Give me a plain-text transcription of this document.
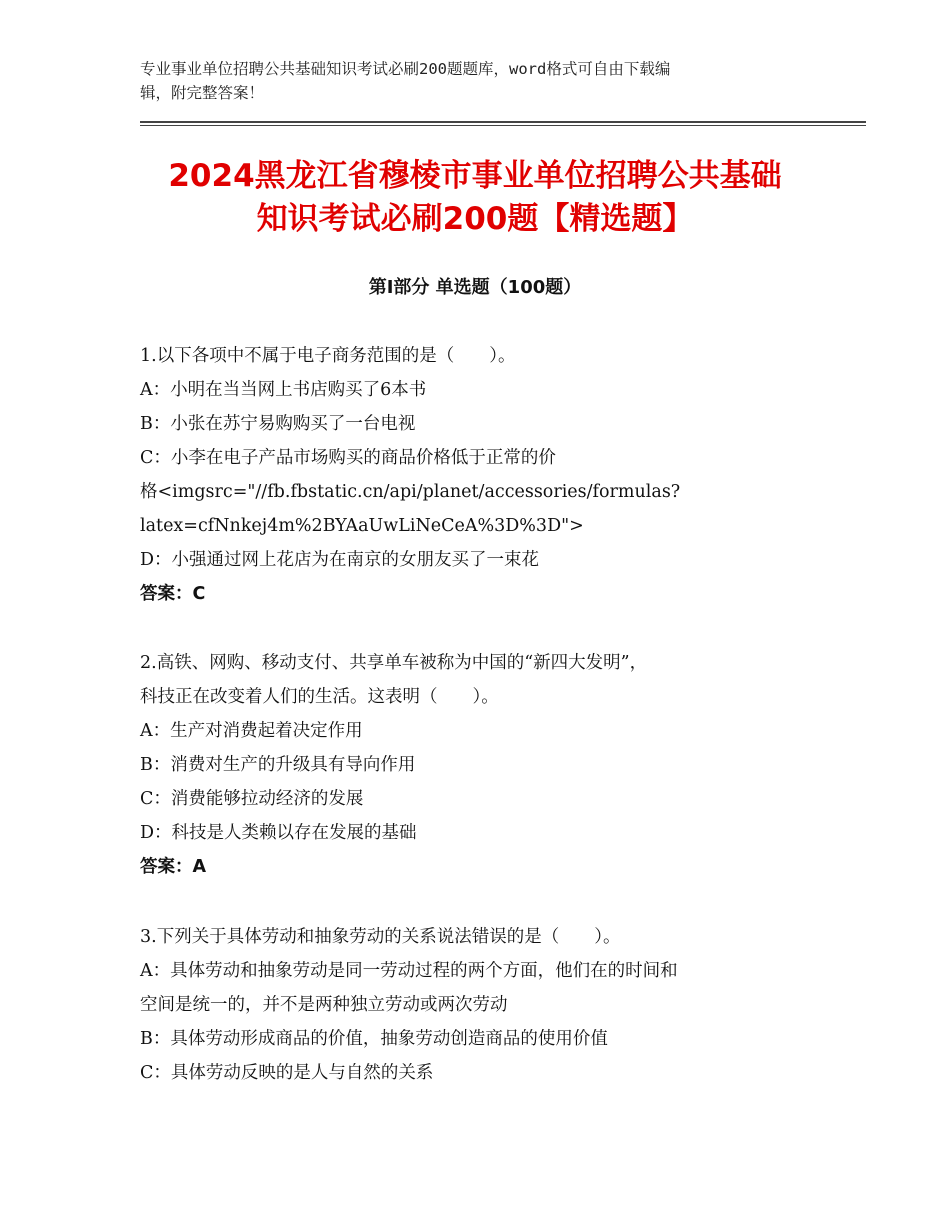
专业事业单位招聘公共基础知识考试必刷200题题库，word格式可自由下载编
辑，附完整答案！
2024黑龙江省穆棱市事业单位招聘公共基础
知识考试必刷200题【精选题】
第Ⅰ部分 单选题（100题）
1.以下各项中不属于电子商务范围的是（　　）。
A：小明在当当网上书店购买了6本书
B：小张在苏宁易购购买了一台电视
C：小李在电子产品市场购买的商品价格低于正常的价
格<imgsrc="//fb.fbstatic.cn/api/planet/accessories/formulas?
latex=cfNnkej4m%2BYAaUwLiNeCeA%3D%3D">
D：小强通过网上花店为在南京的女朋友买了一束花
答案：C
2.高铁、网购、移动支付、共享单车被称为中国的“新四大发明”，
科技正在改变着人们的生活。这表明（　　）。
A：生产对消费起着决定作用
B：消费对生产的升级具有导向作用
C：消费能够拉动经济的发展
D：科技是人类赖以存在发展的基础
答案：A
3.下列关于具体劳动和抽象劳动的关系说法错误的是（　　）。
A：具体劳动和抽象劳动是同一劳动过程的两个方面，他们在的时间和
空间是统一的，并不是两种独立劳动或两次劳动
B：具体劳动形成商品的价值，抽象劳动创造商品的使用价值
C：具体劳动反映的是人与自然的关系
